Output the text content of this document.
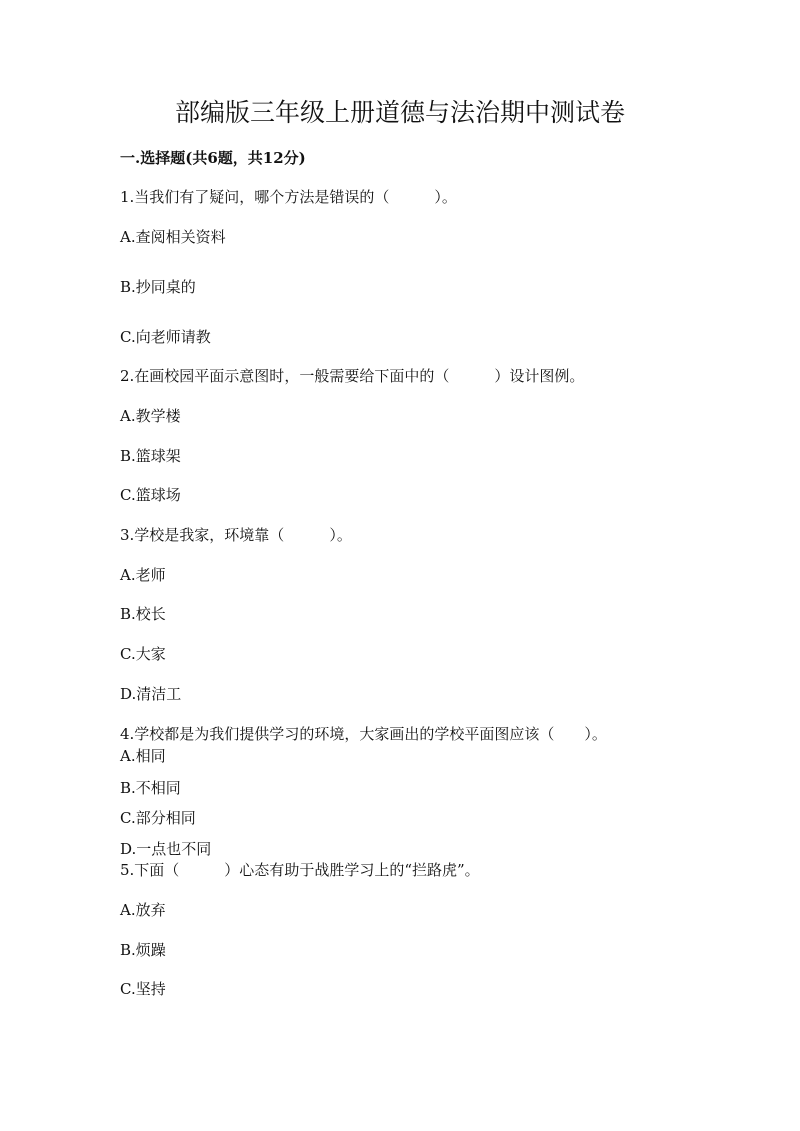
部编版三年级上册道德与法治期中测试卷
一.选择题(共6题，共12分)
1.当我们有了疑问，哪个方法是错误的（　　　）。
A.查阅相关资料
B.抄同桌的
C.向老师请教
2.在画校园平面示意图时，一般需要给下面中的（　　　）设计图例。
A.教学楼
B.篮球架
C.篮球场
3.学校是我家，环境靠（　　　）。
A.老师
B.校长
C.大家
D.清洁工
4.学校都是为我们提供学习的环境，大家画出的学校平面图应该（　　）。
A.相同
B.不相同
C.部分相同
D.一点也不同
5.下面（　　　）心态有助于战胜学习上的“拦路虎”。
A.放弃
B.烦躁
C.坚持
